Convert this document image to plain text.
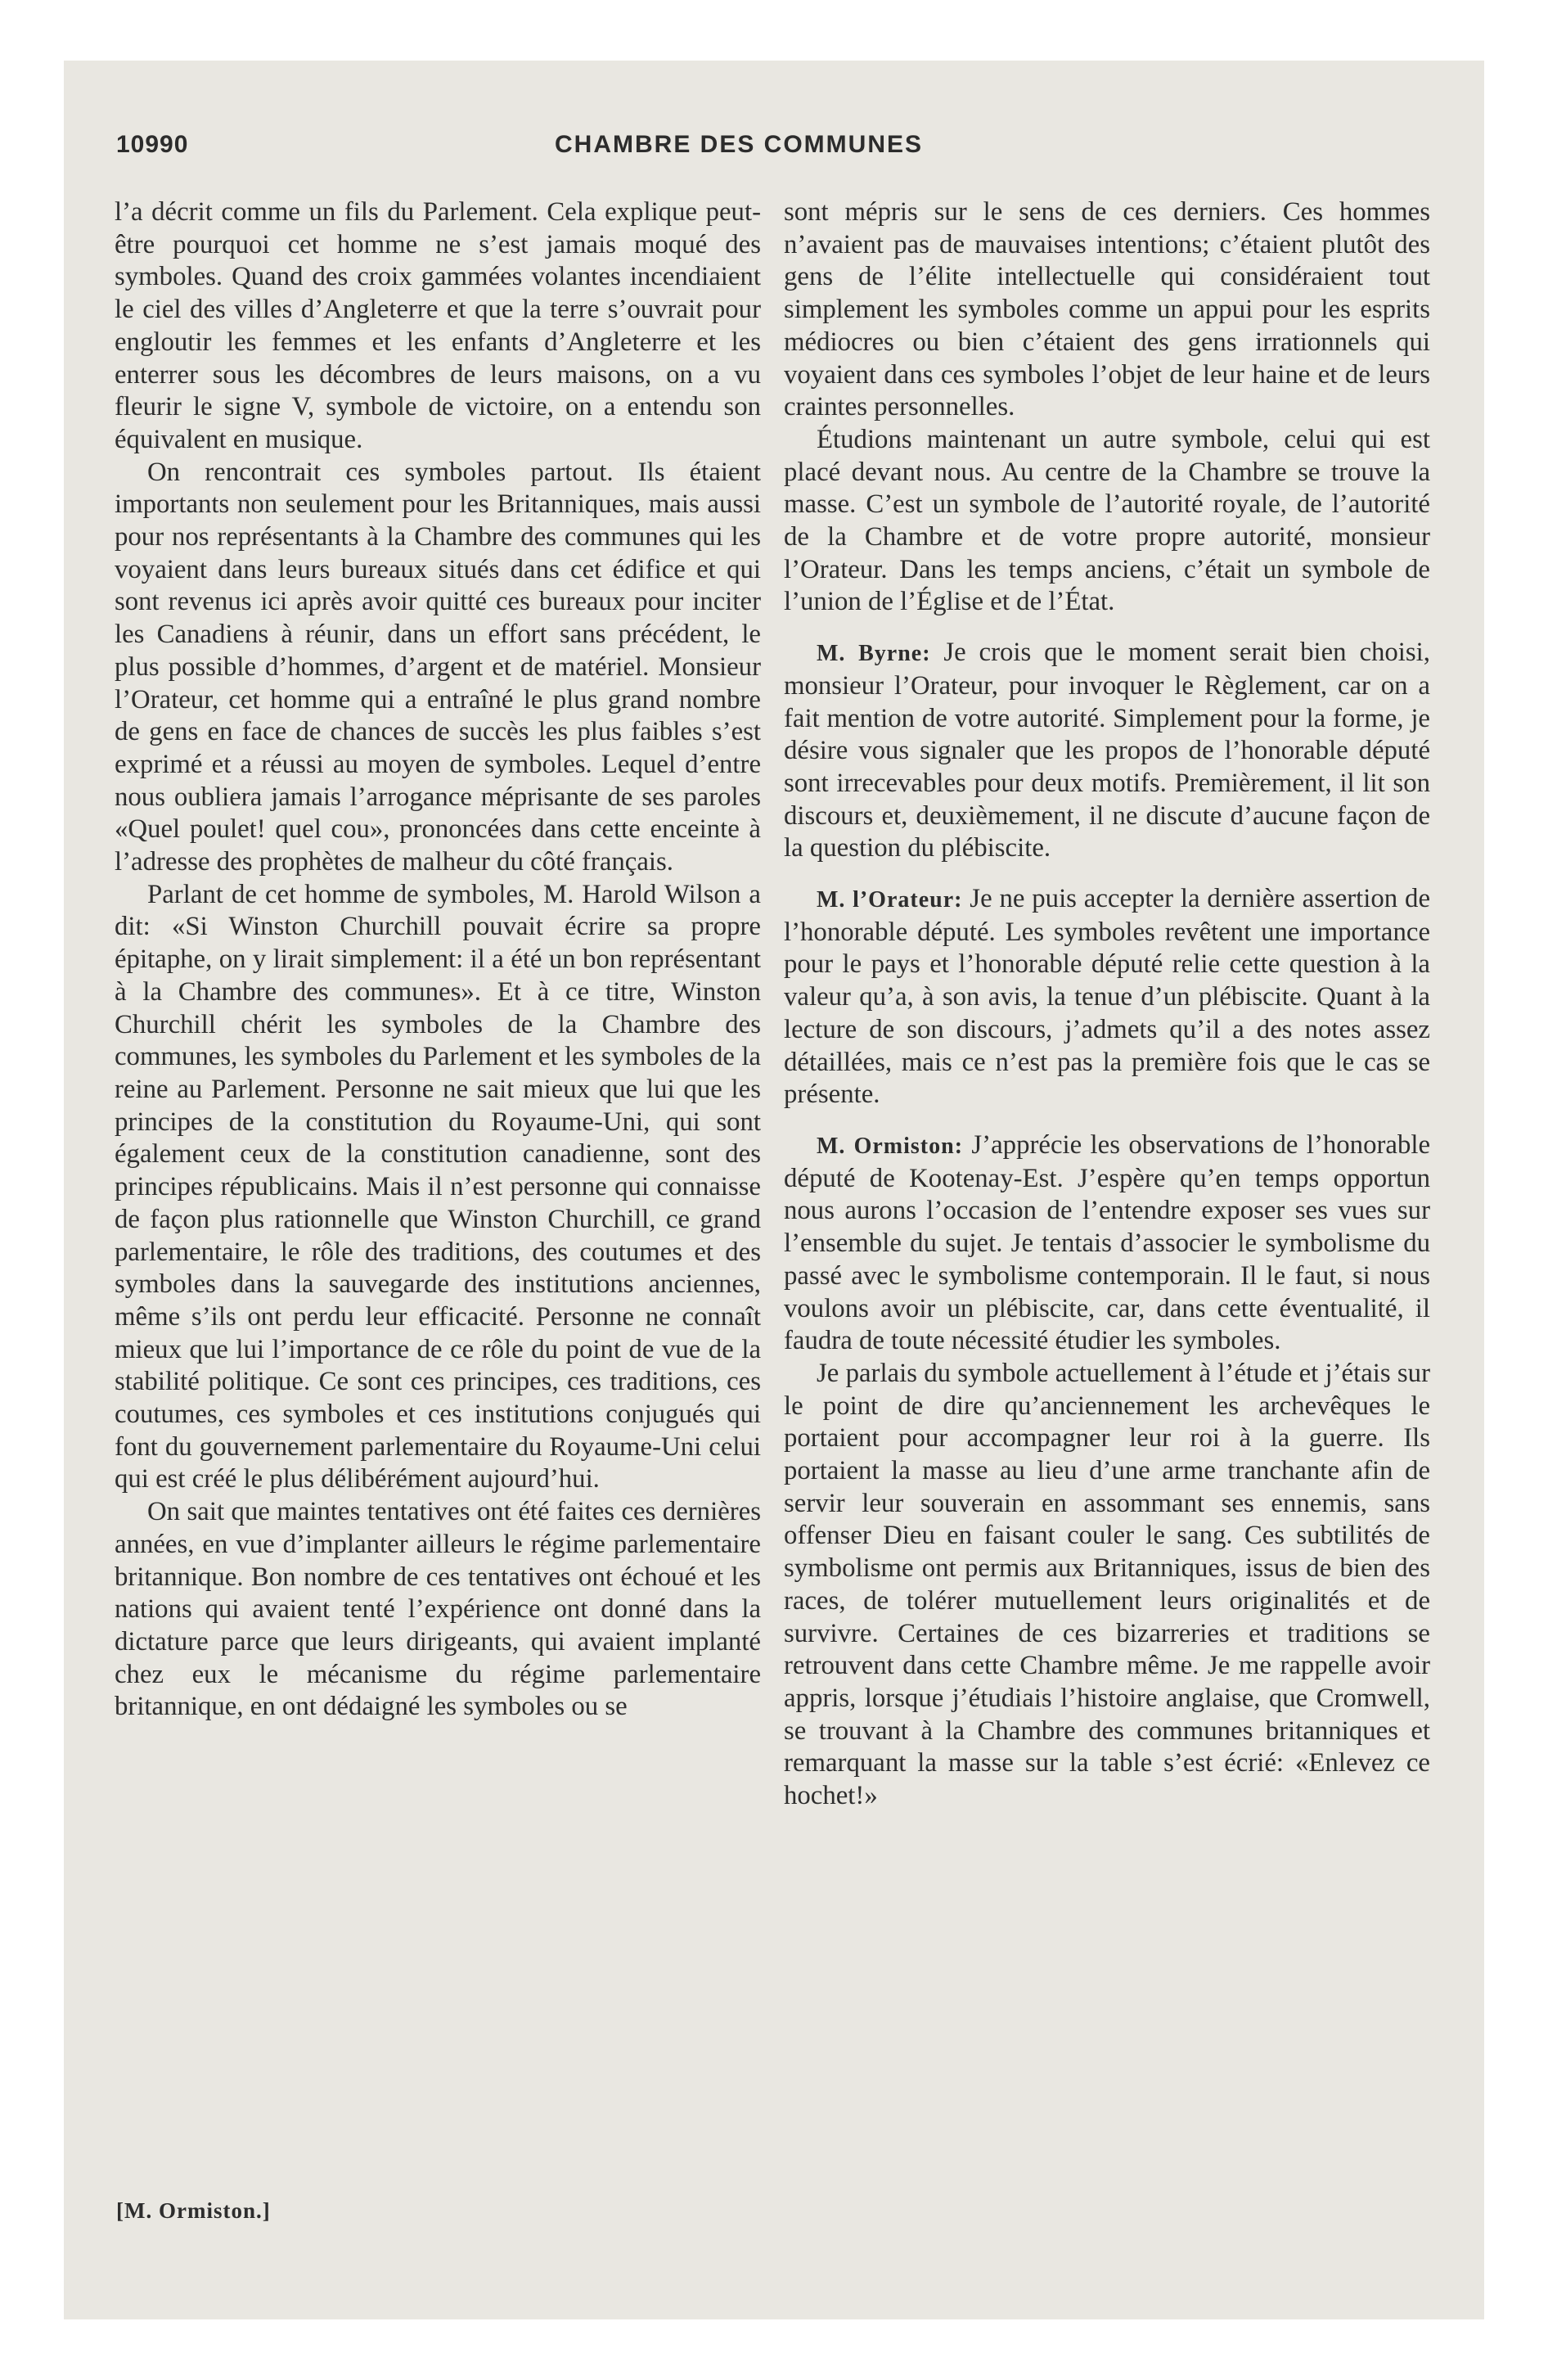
10990	CHAMBRE DES COMMUNES

l’a décrit comme un fils du Parlement. Cela explique peut-être pourquoi cet homme ne s’est jamais moqué des symboles. Quand des croix gammées volantes incendiaient le ciel des villes d’Angleterre et que la terre s’ouvrait pour engloutir les femmes et les enfants d’Angleterre et les enterrer sous les décombres de leurs maisons, on a vu fleurir le signe V, symbole de victoire, on a entendu son équivalent en musique.

On rencontrait ces symboles partout. Ils étaient importants non seulement pour les Britanniques, mais aussi pour nos représentants à la Chambre des communes qui les voyaient dans leurs bureaux situés dans cet édifice et qui sont revenus ici après avoir quitté ces bureaux pour inciter les Canadiens à réunir, dans un effort sans précédent, le plus possible d’hommes, d’argent et de matériel. Monsieur l’Orateur, cet homme qui a entraîné le plus grand nombre de gens en face de chances de succès les plus faibles s’est exprimé et a réussi au moyen de symboles. Lequel d’entre nous oubliera jamais l’arrogance méprisante de ses paroles «Quel poulet! quel cou», prononcées dans cette enceinte à l’adresse des prophètes de malheur du côté français.

Parlant de cet homme de symboles, M. Harold Wilson a dit: «Si Winston Churchill pouvait écrire sa propre épitaphe, on y lirait simplement: il a été un bon représentant à la Chambre des communes». Et à ce titre, Winston Churchill chérit les symboles de la Chambre des communes, les symboles du Parlement et les symboles de la reine au Parlement. Personne ne sait mieux que lui que les principes de la constitution du Royaume-Uni, qui sont également ceux de la constitution canadienne, sont des principes républicains. Mais il n’est personne qui connaisse de façon plus rationnelle que Winston Churchill, ce grand parlementaire, le rôle des traditions, des coutumes et des symboles dans la sauvegarde des institutions anciennes, même s’ils ont perdu leur efficacité. Personne ne connaît mieux que lui l’importance de ce rôle du point de vue de la stabilité politique. Ce sont ces principes, ces traditions, ces coutumes, ces symboles et ces institutions conjugués qui font du gouvernement parlementaire du Royaume-Uni celui qui est créé le plus délibérément aujourd’hui.

On sait que maintes tentatives ont été faites ces dernières années, en vue d’implanter ailleurs le régime parlementaire britannique. Bon nombre de ces tentatives ont échoué et les nations qui avaient tenté l’expérience ont donné dans la dictature parce que leurs dirigeants, qui avaient implanté chez eux le mécanisme du régime parlementaire britannique, en ont dédaigné les symboles ou se

sont mépris sur le sens de ces derniers. Ces hommes n’avaient pas de mauvaises intentions; c’étaient plutôt des gens de l’élite intellectuelle qui considéraient tout simplement les symboles comme un appui pour les esprits médiocres ou bien c’étaient des gens irrationnels qui voyaient dans ces symboles l’objet de leur haine et de leurs craintes personnelles.

Étudions maintenant un autre symbole, celui qui est placé devant nous. Au centre de la Chambre se trouve la masse. C’est un symbole de l’autorité royale, de l’autorité de la Chambre et de votre propre autorité, monsieur l’Orateur. Dans les temps anciens, c’était un symbole de l’union de l’Église et de l’État.

M. Byrne: Je crois que le moment serait bien choisi, monsieur l’Orateur, pour invoquer le Règlement, car on a fait mention de votre autorité. Simplement pour la forme, je désire vous signaler que les propos de l’honorable député sont irrecevables pour deux motifs. Premièrement, il lit son discours et, deuxièmement, il ne discute d’aucune façon de la question du plébiscite.

M. l’Orateur: Je ne puis accepter la dernière assertion de l’honorable député. Les symboles revêtent une importance pour le pays et l’honorable député relie cette question à la valeur qu’a, à son avis, la tenue d’un plébiscite. Quant à la lecture de son discours, j’admets qu’il a des notes assez détaillées, mais ce n’est pas la première fois que le cas se présente.

M. Ormiston: J’apprécie les observations de l’honorable député de Kootenay-Est. J’espère qu’en temps opportun nous aurons l’occasion de l’entendre exposer ses vues sur l’ensemble du sujet. Je tentais d’associer le symbolisme du passé avec le symbolisme contemporain. Il le faut, si nous voulons avoir un plébiscite, car, dans cette éventualité, il faudra de toute nécessité étudier les symboles.

Je parlais du symbole actuellement à l’étude et j’étais sur le point de dire qu’anciennement les archevêques le portaient pour accompagner leur roi à la guerre. Ils portaient la masse au lieu d’une arme tranchante afin de servir leur souverain en assommant ses ennemis, sans offenser Dieu en faisant couler le sang. Ces subtilités de symbolisme ont permis aux Britanniques, issus de bien des races, de tolérer mutuellement leurs originalités et de survivre. Certaines de ces bizarreries et traditions se retrouvent dans cette Chambre même. Je me rappelle avoir appris, lorsque j’étudiais l’histoire anglaise, que Cromwell, se trouvant à la Chambre des communes britanniques et remarquant la masse sur la table s’est écrié: «Enlevez ce hochet!»

[M. Ormiston.]
